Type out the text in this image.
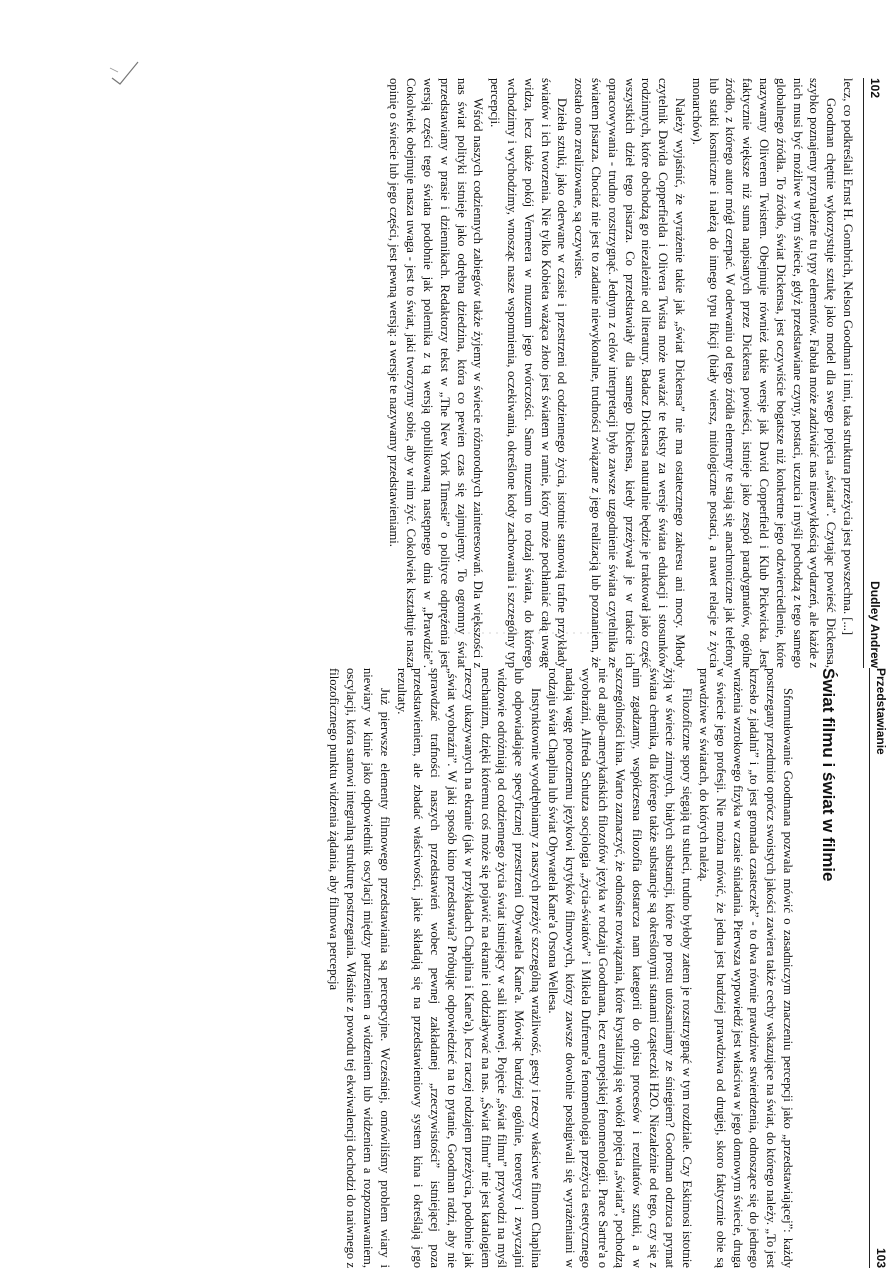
102
Dudley Andrew

lecz, co podkreślali Ernst H. Gombrich, Nelson Goodman i inni, taka struktura przeżycia jest powszechna. [...]

Goodman chętnie wykorzystuje sztukę jako model dla swego pojęcia „świata”. Czytając powieść Dickensa, szybko poznajemy przynależne tu typy elementów. Fabuła może zadziwiać nas niezwykłością wydarzeń, ale każde z nich musi być możliwe w tym świecie, gdyż przedstawiane czyny, postaci, uczucia i myśli pochodzą z tego samego globalnego źródła. To źródło, świat Dickensa, jest oczywiście bogatsze niż konkretne jego odzwierciedlenie, które nazywamy Oliverem Twistem. Obejmuje również takie wersje jak David Copperfield i Klub Pickwicka. Jest faktycznie większe niż suma napisanych przez Dickensa powieści, istnieje jako zespół paradygmatów, ogólne źródło, z którego autor mógł czerpać. W oderwaniu od tego źródła elementy te stają się anachroniczne jak telefony lub statki kosmiczne i należą do innego typu fikcji (biały wiersz, mitologiczne postaci, a nawet relacje z życia monarchów).

Należy wyjaśnić, że wyrażenie takie jak „świat Dickensa” nie ma ostatecznego zakresu ani mocy. Młody czytelnik Davida Copperfielda i Olivera Twista może uważać te teksty za wersje świata edukacji i stosunków rodzinnych, które obchodzą go niezależnie od literatury. Badacz Dickensa naturalnie będzie je traktował jako część wszystkich dzieł tego pisarza. Co przedstawiały dla samego Dickensa, kiedy przeżywał je w trakcie ich opracowywania - trudno rozstrzygnąć. Jednym z celów interpretacji było zawsze uzgodnienie świata czytelnika ze światem pisarza. Chociaż nie jest to zadanie niewykonalne, trudności związane z jego realizacją lub poznaniem, że zostało ono zrealizowane, są oczywiste.

Dzieła sztuki, jako oderwane w czasie i przestrzeni od codziennego życia, istotnie stanowią trafne przykłady światów i ich tworzenia. Nie tylko Kobieta ważąca złoto jest światem w ramie, który może pochłaniać całą uwagę widza, lecz także pokój Vermeera w muzeum jego twórczości. Samo muzeum to rodzaj świata, do którego wchodzimy i wychodzimy, wnosząc nasze wspomnienia, oczekiwania, określone kody zachowania i szczególny typ percepcji.

Wśród naszych codziennych zabiegów także żyjemy w świecie różnorodnych zainteresowań. Dla większości z nas świat polityki istnieje jako odrębna dziedzina, która co pewien czas się zajmujemy. To ogromny świat przedstawiany w prasie i dziennikach. Redaktorzy tekst w „The New York Timesie” o polityce odpręźenia jest wersją części tego świata podobnie jak polemika z tą wersją opublikowaną następnego dnia w „Prawdzie”. Cokolwiek obejmuje nasza uwaga - jest to świat, jaki tworzymy sobie, aby w nim żyć. Cokolwiek kształtuje nasza opinię o świecie lub jego części, jest pewną wersją: a wersje te nazywamy przedstawieniami.

Przedstawianie
103
Świat filmu i świat w filmie

Sformułowanie Goodmana pozwala mówić o zasadniczym znaczeniu percepcji jako „przedstawiającej”: każdy postrzegany przedmiot oprócz swoistych jakości zawiera także cechy wskazujące na świat, do którego należy. „To jest krzesło z jadalni” i „to jest gromada czasteczek” - to dwa równie prawdziwe stwierdzenia, odnoszące się do jednego wrażenia wzrokowego fizyka w czasie śniadania. Pierwsza wypowiedź jest właściwa w jego domowym świecie, druga w świecie jego profesji. Nie można mówić, że jedna jest bardziej prawdziwa od drugiej, skoro faktycznie obie są prawdziwe w światach, do których należą.

Filozoficzne spory sięgają tu stuleci, trudno byłoby zatem je rozstrzygnąć w tym rozdziale. Czy Eskimosi istotnie żyją w świecie zimnych, białych substancji, które po prostu utożsamiamy ze śniegiem? Goodman odrzuca prymat świata chemika, dla którego także substancje są określonymi stanami cząsteczki H2O. Niezależnie od tego, czy się z nim zgadzamy, współczesna filozofia dostarcza nam kategorii do opisu procesów i rezultatów sztuki, a w szczególności kina. Warto zaznaczyć, że odnośne rozwiązania, które krystalizują się wokół pojęcia „świata”, pochodzą nie od anglo-amerykańskich filozofów języka w rodzaju Goodmana, lecz europejskiej fenomenologii. Prace Sartre'a o wyobraźni, Alfreda Schutza socjologia „życia-światów” i Mikela Dufrenne'a fenomenologia przeżycia estetycznego nadają wagę potocznemu językowi krytyków filmowych, którzy zawsze dowolnie posługiwali się wyrażeniami w rodzaju świat Chaplina lub świat Obywatela Kane'a Orsona Wellesa.

Instynktownie wyodrębniamy z naszych przeżyć szczególną wrażliwość, gesty i rzeczy właściwe filmom Chaplina lub odpowiadające specyficznej przestrzeni Obywatela Kane'a. Mówiąc bardziej ogólnie, teoretycy i zwyczajni widzowie odróżniają od codziennego życia świat istniejący w sali kinowej. Pojęcie „świat filmu” przywodzi na myśl mechanizm, dzięki któremu coś może się pojawić na ekranie i oddziaływać na nas. „Świat filmu” nie jest katalogiem rzeczy ukazywanych na ekranie (jak w przykładach Chaplina i Kane'a), lecz raczej rodzajem przeżycia, podobnie jak „świat wyobraźni”. W jaki sposób kino przedstawia? Próbując odpowiedzieć na to pytanie, Goodman radzi, aby nie sprawdzać trafności naszych przedstawień wobec pewnej zakładanej „rzeczywistości” istniejącej poza przedstawieniem, ale zbadać właściwości, jakie składają się na przedstawieniowy system kina i określają jego rezultaty.

Już pierwsze elementy filmowego przedstawiania są percepcyjne. Wcześniej, omówiliśmy problem wiary i niewiary w kinie jako odpowiednik oscylacji między patrzeniem a widzeniem lub widzeniem a rozpoznawaniem, oscylacji, która stanowi integralną strukturę postrzegania. Właśnie z powodu tej ekwiwalencji dochodzi do naiwnego z filozoficznego punktu widzenia żądania, aby filmowa percepcja
